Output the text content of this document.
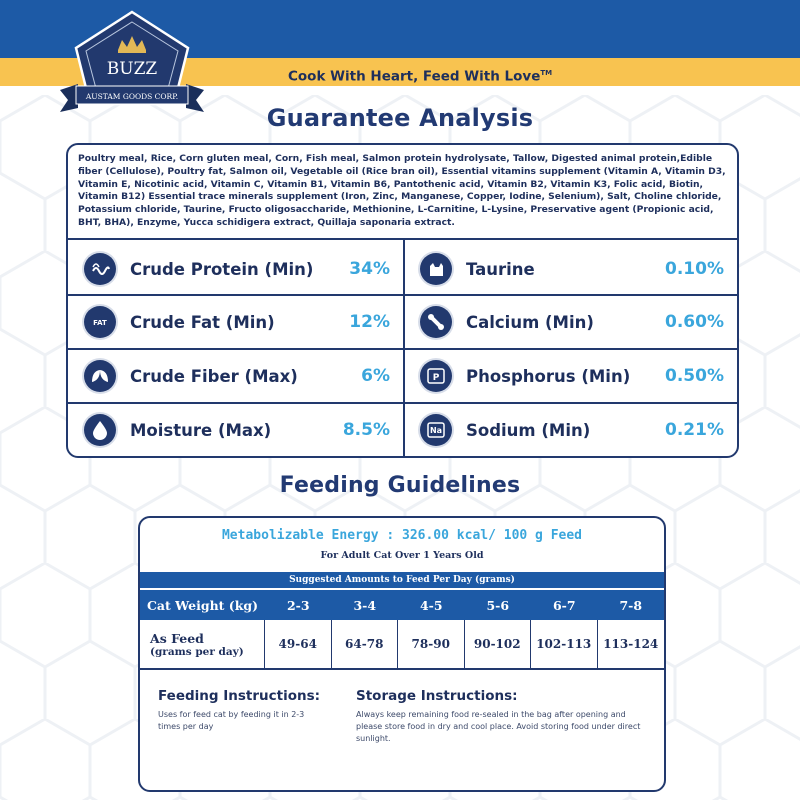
Cook With Heart, Feed With Love™
BUZZ
AUSTAM GOODS CORP.
Guarantee Analysis
Poultry meal, Rice, Corn gluten meal, Corn, Fish meal, Salmon protein hydrolysate, Tallow, Digested animal protein,Edible fiber (Cellulose), Poultry fat, Salmon oil, Vegetable oil (Rice bran oil), Essential vitamins supplement (Vitamin A, Vitamin D3, Vitamin E, Nicotinic acid, Vitamin C, Vitamin B1, Vitamin B6, Pantothenic acid, Vitamin B2, Vitamin K3, Folic acid, Biotin, Vitamin B12) Essential trace minerals supplement (Iron, Zinc, Manganese, Copper, Iodine, Selenium), Salt, Choline chloride, Potassium chloride, Taurine, Fructo oligosaccharide, Methionine, L-Carnitine, L-Lysine, Preservative agent (Propionic acid, BHT, BHA), Enzyme, Yucca schidigera extract, Quillaja saponaria extract.
Crude Protein (Min) 34%
FAT Crude Fat (Min)	12%
Crude Fiber (Max)	6%
Moisture (Max)	8.5%
Taurine	0.10%
Calcium (Min)	0.60%
P Phosphorus (Min) 0.50%
Na Sodium (Min)	0.21%
Feeding Guidelines
Metabolizable Energy : 326.00 kcal/ 100 g Feed
For Adult Cat Over 1 Years Old
Suggested Amounts to Feed Per Day (grams)
Cat Weight (kg)	2-3	3-4	4-5	5-6	6-7	7-8
As Feed
(grams per day)
49-64	64-78	78-90	90-102	102-113 113-124
Feeding Instructions:
Uses for feed cat by feeding it in 2-3 times per day
Storage Instructions:
Always keep remaining food re-sealed in the bag after opening and please store food in dry and cool place. Avoid storing food under direct sunlight.
